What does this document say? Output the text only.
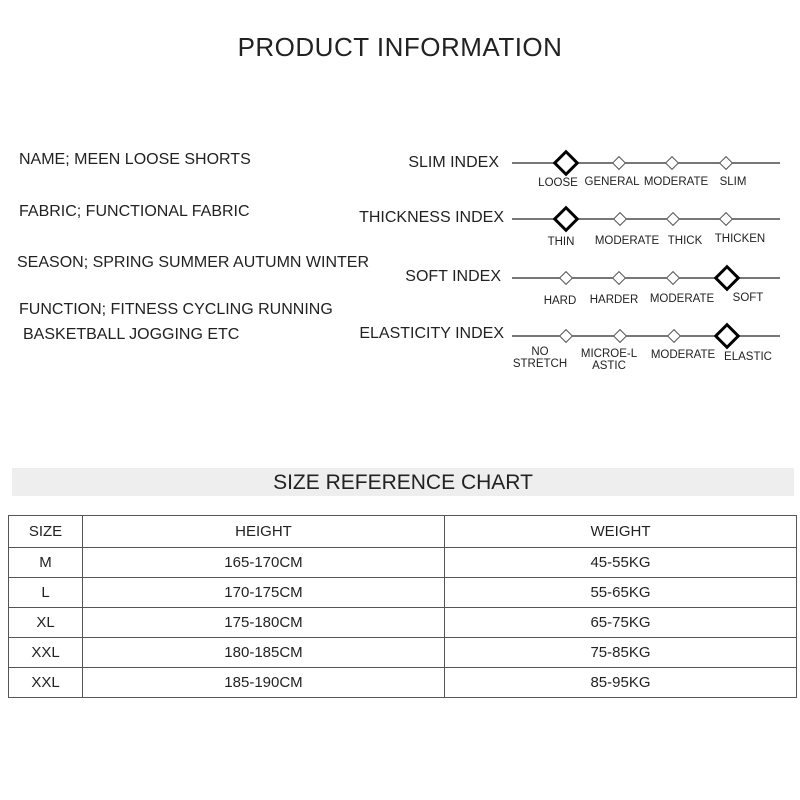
PRODUCT INFORMATION
NAME; MEEN LOOSE SHORTS
FABRIC; FUNCTIONAL FABRIC
SEASON; SPRING SUMMER AUTUMN WINTER
FUNCTION; FITNESS CYCLING RUNNING
BASKETBALL JOGGING ETC
SLIM INDEX
LOOSE GENERAL MODERATE SLIM
THICKNESS INDEX
THIN MODERATE THICK THICKEN
SOFT INDEX
HARD HARDER MODERATE SOFT
ELASTICITY INDEX
NO STRETCH
MICROE-LASTIC
MODERATE ELASTIC
SIZE REFERENCE CHART
SIZE	HEIGHT	WEIGHT
M	165-170CM	45-55KG
L	170-175CM	55-65KG
XL	175-180CM	65-75KG
XXL	180-185CM	75-85KG
XXL	185-190CM	85-95KG
